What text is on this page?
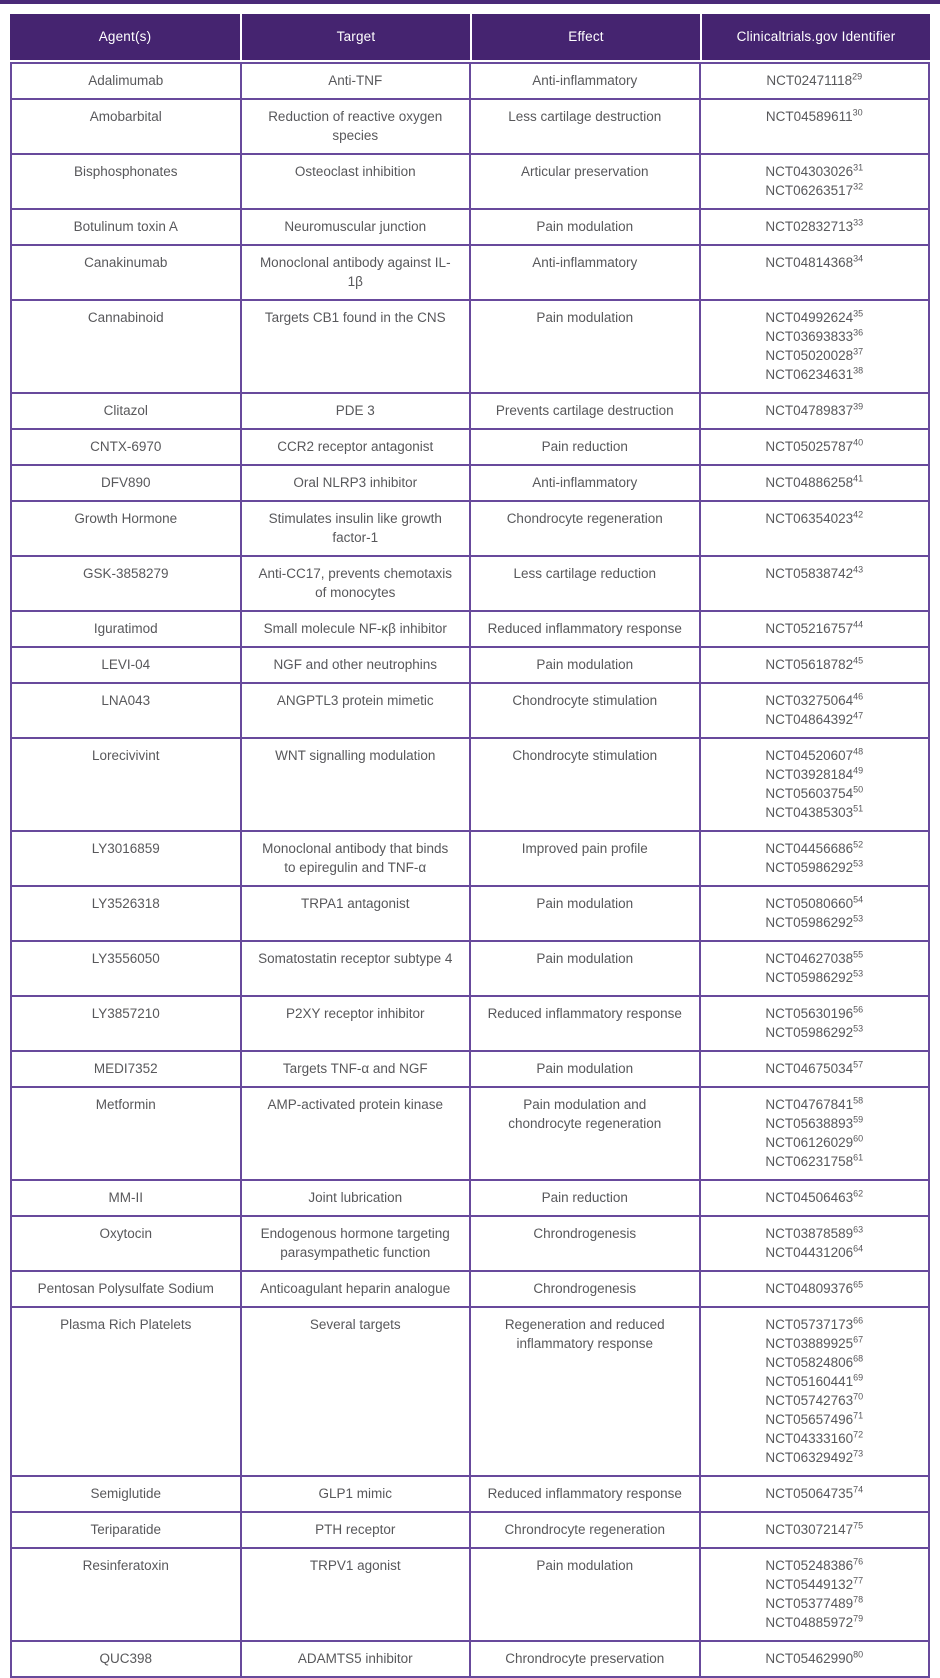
Agent(s)	Target	Effect	Clinicaltrials.gov Identifier
Adalimumab	Anti-TNF	Anti-inflammatory	NCT02471118$^{29}$

Amobarbital	Reduction of reactive oxygen species	Less cartilage destruction	NCT04589611$^{30}$

Bisphosphonates	Osteoclast inhibition	Articular preservation	NCT04303026$^{31}$
NCT06263517$^{32}$

Botulinum toxin A	Neuromuscular junction	Pain modulation	NCT02832713$^{33}$

Canakinumab	Monoclonal antibody against IL-1β	Anti-inflammatory	NCT04814368$^{34}$

Cannabinoid	Targets CB1 found in the CNS	Pain modulation	NCT04992624$^{35}$
NCT03693833$^{36}$
NCT05020028$^{37}$
NCT06234631$^{38}$

Clitazol	PDE 3	Prevents cartilage destruction	NCT04789837$^{39}$

CNTX-6970	CCR2 receptor antagonist	Pain reduction	NCT05025787$^{40}$

DFV890	Oral NLRP3 inhibitor	Anti-inflammatory	NCT04886258$^{41}$

Growth Hormone	Stimulates insulin like growth factor-1	Chondrocyte regeneration	NCT06354023$^{42}$

GSK-3858279	Anti-CC17, prevents chemotaxis of monocytes	Less cartilage reduction	NCT05838742$^{43}$

Iguratimod	Small molecule NF-κβ inhibitor	Reduced inflammatory response	NCT05216757$^{44}$

LEVI-04	NGF and other neutrophins	Pain modulation	NCT05618782$^{45}$

LNA043	ANGPTL3 protein mimetic	Chondrocyte stimulation	NCT03275064$^{46}$
NCT04864392$^{47}$

Lorecivivint	WNT signalling modulation	Chondrocyte stimulation	NCT04520607$^{48}$
NCT03928184$^{49}$
NCT05603754$^{50}$
NCT04385303$^{51}$

LY3016859	Monoclonal antibody that binds to epiregulin and TNF-α	Improved pain profile	NCT04456686$^{52}$
NCT05986292$^{53}$

LY3526318	TRPA1 antagonist	Pain modulation	NCT05080660$^{54}$
NCT05986292$^{53}$

LY3556050	Somatostatin receptor subtype 4	Pain modulation	NCT04627038$^{55}$
NCT05986292$^{53}$

LY3857210	P2XY receptor inhibitor	Reduced inflammatory response	NCT05630196$^{56}$
NCT05986292$^{53}$

MEDI7352	Targets TNF-α and NGF	Pain modulation	NCT04675034$^{57}$

Metformin	AMP-activated protein kinase	Pain modulation and chondrocyte regeneration	NCT04767841$^{58}$
NCT05638893$^{59}$
NCT06126029$^{60}$
NCT06231758$^{61}$

MM-II	Joint lubrication	Pain reduction	NCT04506463$^{62}$

Oxytocin	Endogenous hormone targeting parasympathetic function	Chrondrogenesis	NCT03878589$^{63}$
NCT04431206$^{64}$

Pentosan Polysulfate Sodium	Anticoagulant heparin analogue	Chrondrogenesis	NCT04809376$^{65}$

Plasma Rich Platelets	Several targets	Regeneration and reduced inflammatory response	
NCT05737173$^{66}$
NCT03889925$^{67}$
NCT05824806$^{68}$
NCT05160441$^{69}$
NCT05742763$^{70}$
NCT05657496$^{71}$
NCT04333160$^{72}$
NCT06329492$^{73}$

Semiglutide	GLP1 mimic	Reduced inflammatory response	NCT05064735$^{74}$

Teriparatide	PTH receptor	Chrondrocyte regeneration	NCT03072147$^{75}$

Resinferatoxin	TRPV1 agonist	Pain modulation	NCT05248386$^{76}$
NCT05449132$^{77}$
NCT05377489$^{78}$
NCT04885972$^{79}$

QUC398	ADAMTS5 inhibitor	Chrondrocyte preservation	NCT05462990$^{80}$
